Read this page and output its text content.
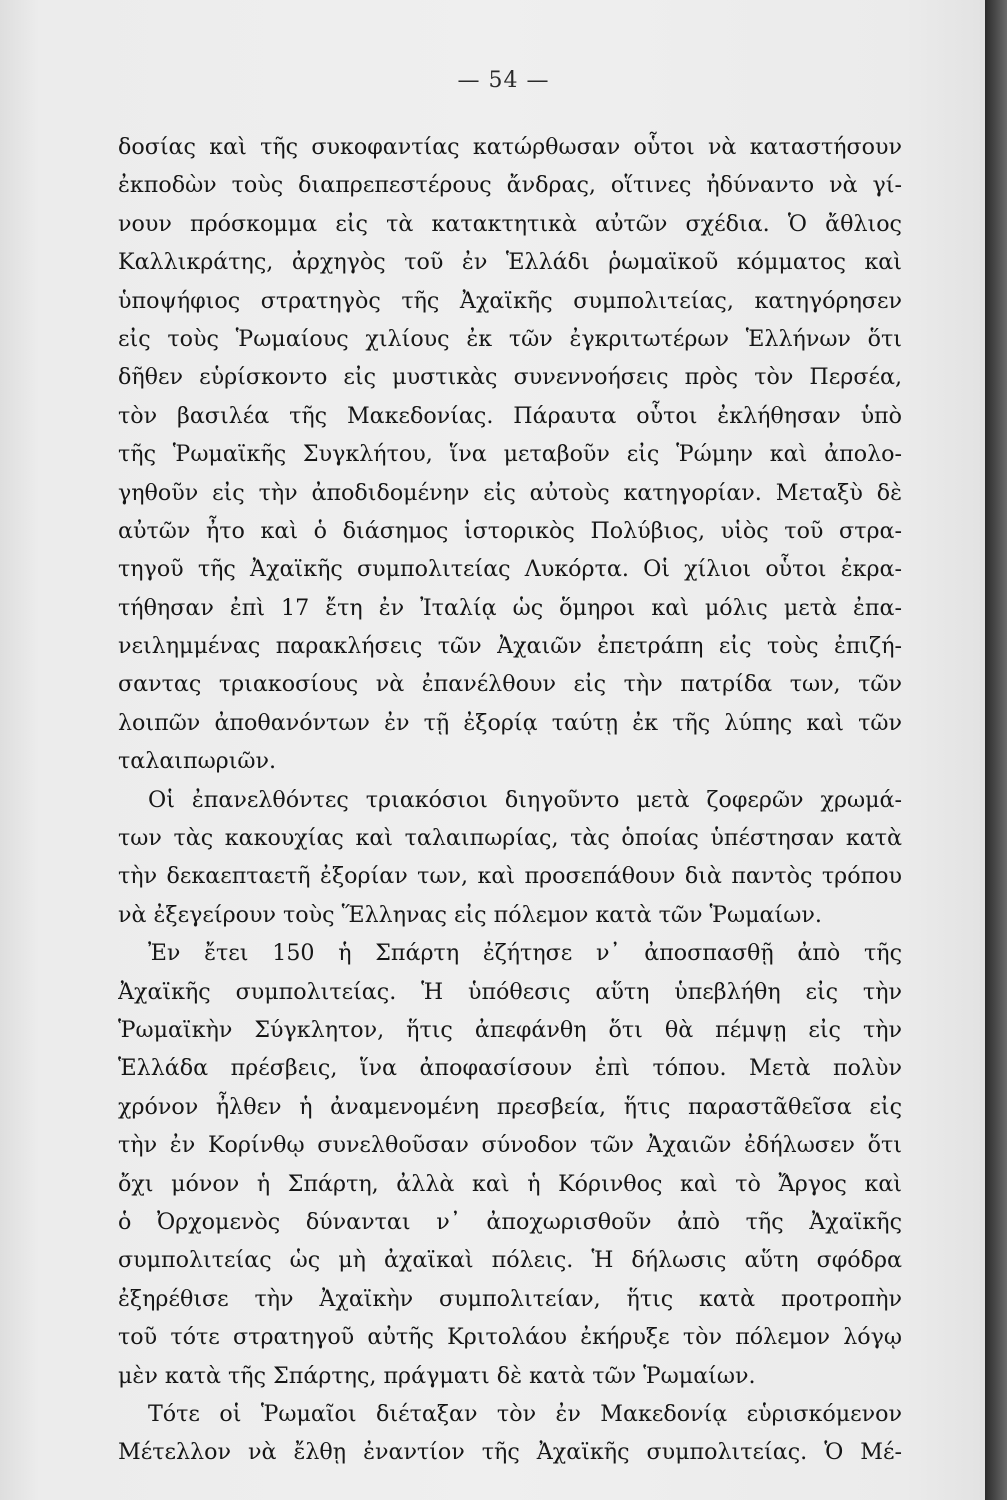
— 54 —
δοσίας καὶ τῆς συκοφαντίας κατώρθωσαν οὗτοι νὰ καταστήσουν
ἐκποδὼν τοὺς διαπρεπεστέρους ἄνδρας, οἵτινες ἠδύναντο νὰ γί-
νουν πρόσκομμα εἰς τὰ κατακτητικὰ αὐτῶν σχέδια. Ὁ ἄθλιος
Καλλικράτης, ἀρχηγὸς τοῦ ἐν Ἑλλάδι ῥωμαϊκοῦ κόμματος καὶ
ὑποψήφιος στρατηγὸς τῆς Ἀχαϊκῆς συμπολιτείας, κατηγόρησεν
εἰς τοὺς Ῥωμαίους χιλίους ἐκ τῶν ἐγκριτωτέρων Ἑλλήνων ὅτι
δῆθεν εὑρίσκοντο εἰς μυστικὰς συνεννοήσεις πρὸς τὸν Περσέα,
τὸν βασιλέα τῆς Μακεδονίας. Πάραυτα οὗτοι ἐκλήθησαν ὑπὸ
τῆς Ῥωμαϊκῆς Συγκλήτου, ἵνα μεταβοῦν εἰς Ῥώμην καὶ ἀπολο-
γηθοῦν εἰς τὴν ἀποδιδομένην εἰς αὐτοὺς κατηγορίαν. Μεταξὺ δὲ
αὐτῶν ἦτο καὶ ὁ διάσημος ἱστορικὸς Πολύβιος, υἱὸς τοῦ στρα-
τηγοῦ τῆς Ἀχαϊκῆς συμπολιτείας Λυκόρτα. Οἱ χίλιοι οὗτοι ἐκρα-
τήθησαν ἐπὶ 17 ἔτη ἐν Ἰταλίᾳ ὡς ὅμηροι καὶ μόλις μετὰ ἐπα-
νειλημμένας παρακλήσεις τῶν Ἀχαιῶν ἐπετράπη εἰς τοὺς ἐπιζή-
σαντας τριακοσίους νὰ ἐπανέλθουν εἰς τὴν πατρίδα των, τῶν
λοιπῶν ἀποθανόντων ἐν τῇ ἐξορίᾳ ταύτῃ ἐκ τῆς λύπης καὶ τῶν
ταλαιπωριῶν.
Οἱ ἐπανελθόντες τριακόσιοι διηγοῦντο μετὰ ζοφερῶν χρωμά-
των τὰς κακουχίας καὶ ταλαιπωρίας, τὰς ὁποίας ὑπέστησαν κατὰ
τὴν δεκαεπταετῆ ἐξορίαν των, καὶ προσεπάθουν διὰ παντὸς τρόπου
νὰ ἐξεγείρουν τοὺς Ἕλληνας εἰς πόλεμον κατὰ τῶν Ῥωμαίων.
Ἐν ἔτει 150 ἡ Σπάρτη ἐζήτησε ν᾽ ἀποσπασθῇ ἀπὸ τῆς
Ἀχαϊκῆς συμπολιτείας. Ἡ ὑπόθεσις αὕτη ὑπεβλήθη εἰς τὴν
Ῥωμαϊκὴν Σύγκλητον, ἥτις ἀπεφάνθη ὅτι θὰ πέμψῃ εἰς τὴν
Ἑλλάδα πρέσβεις, ἵνα ἀποφασίσουν ἐπὶ τόπου. Μετὰ πολὺν
χρόνον ἦλθεν ἡ ἀναμενομένη πρεσβεία, ἥτις παραστᾶθεῖσα εἰς
τὴν ἐν Κορίνθῳ συνελθοῦσαν σύνοδον τῶν Ἀχαιῶν ἐδήλωσεν ὅτι
ὄχι μόνον ἡ Σπάρτη, ἀλλὰ καὶ ἡ Κόρινθος καὶ τὸ Ἄργος καὶ
ὁ Ὀρχομενὸς δύνανται ν᾽ ἀποχωρισθοῦν ἀπὸ τῆς Ἀχαϊκῆς
συμπολιτείας ὡς μὴ ἀχαϊκαὶ πόλεις. Ἡ δήλωσις αὕτη σφόδρα
ἐξηρέθισε τὴν Ἀχαϊκὴν συμπολιτείαν, ἥτις κατὰ προτροπὴν
τοῦ τότε στρατηγοῦ αὐτῆς Κριτολάου ἐκήρυξε τὸν πόλεμον λόγῳ
μὲν κατὰ τῆς Σπάρτης, πράγματι δὲ κατὰ τῶν Ῥωμαίων.
Τότε οἱ Ῥωμαῖοι διέταξαν τὸν ἐν Μακεδονίᾳ εὑρισκόμενον
Μέτελλον νὰ ἔλθῃ ἐναντίον τῆς Ἀχαϊκῆς συμπολιτείας. Ὁ Μέ-
